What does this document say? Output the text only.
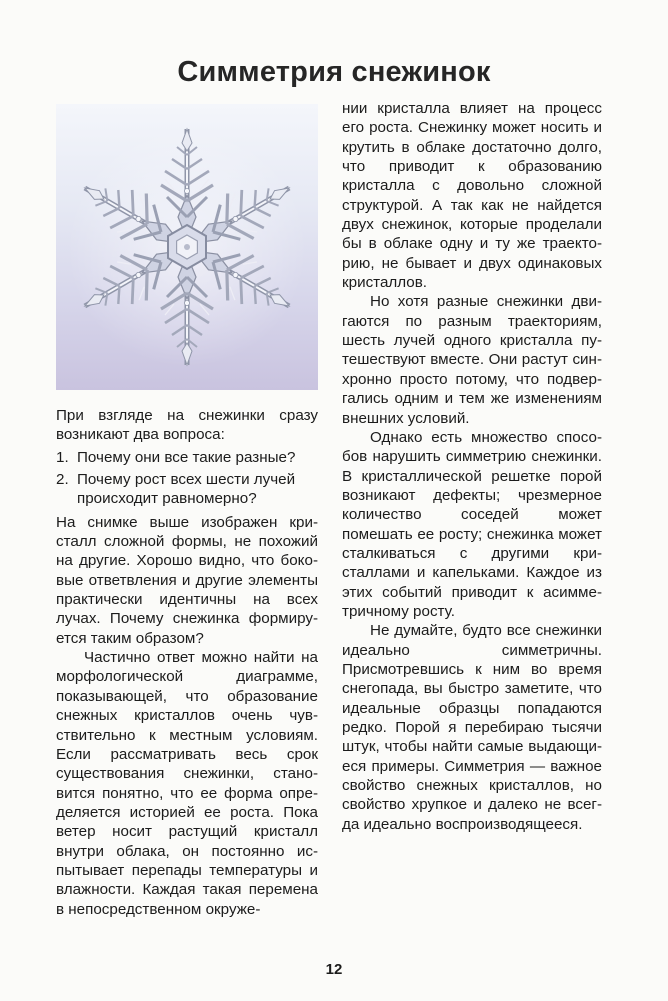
Симметрия снежинок

При взгляде на снежинки сразу возникают два вопроса:

1. Почему они все такие разные?
2. Почему рост всех шести лучей происходит равномерно?

На снимке выше изображен кристалл сложной формы, не похожий на другие. Хорошо видно, что боковые ответвления и другие элементы практически идентичны на всех лучах. Почему снежинка формируется таким образом?

Частично ответ можно найти на морфологической диаграмме, показывающей, что образование снежных кристаллов очень чувствительно к местным условиям. Если рассматривать весь срок существования снежинки, становится понятно, что ее форма определяется историей ее роста. Пока ветер носит растущий кристалл внутри облака, он постоянно испытывает перепады температуры и влажности. Каждая такая перемена в непосредственном окруже-

нии кристалла влияет на процесс его роста. Снежинку может носить и крутить в облаке достаточно долго, что приводит к образованию кристалла с довольно сложной структурой. А так как не найдется двух снежинок, которые проделали бы в облаке одну и ту же траекторию, не бывает и двух одинаковых кристаллов.

Но хотя разные снежинки двигаются по разным траекториям, шесть лучей одного кристалла путешествуют вместе. Они растут синхронно просто потому, что подвергались одним и тем же изменениям внешних условий.

Однако есть множество способов нарушить симметрию снежинки. В кристаллической решетке порой возникают дефекты; чрезмерное количество соседей может помешать ее росту; снежинка может сталкиваться с другими кристаллами и капельками. Каждое из этих событий приводит к асимметричному росту.

Не думайте, будто все снежинки идеально симметричны. Присмотревшись к ним во время снегопада, вы быстро заметите, что идеальные образцы попадаются редко. Порой я перебираю тысячи штук, чтобы найти самые выдающиеся примеры. Симметрия — важное свойство снежных кристаллов, но свойство хрупкое и далеко не всегда идеально воспроизводящееся.

12
